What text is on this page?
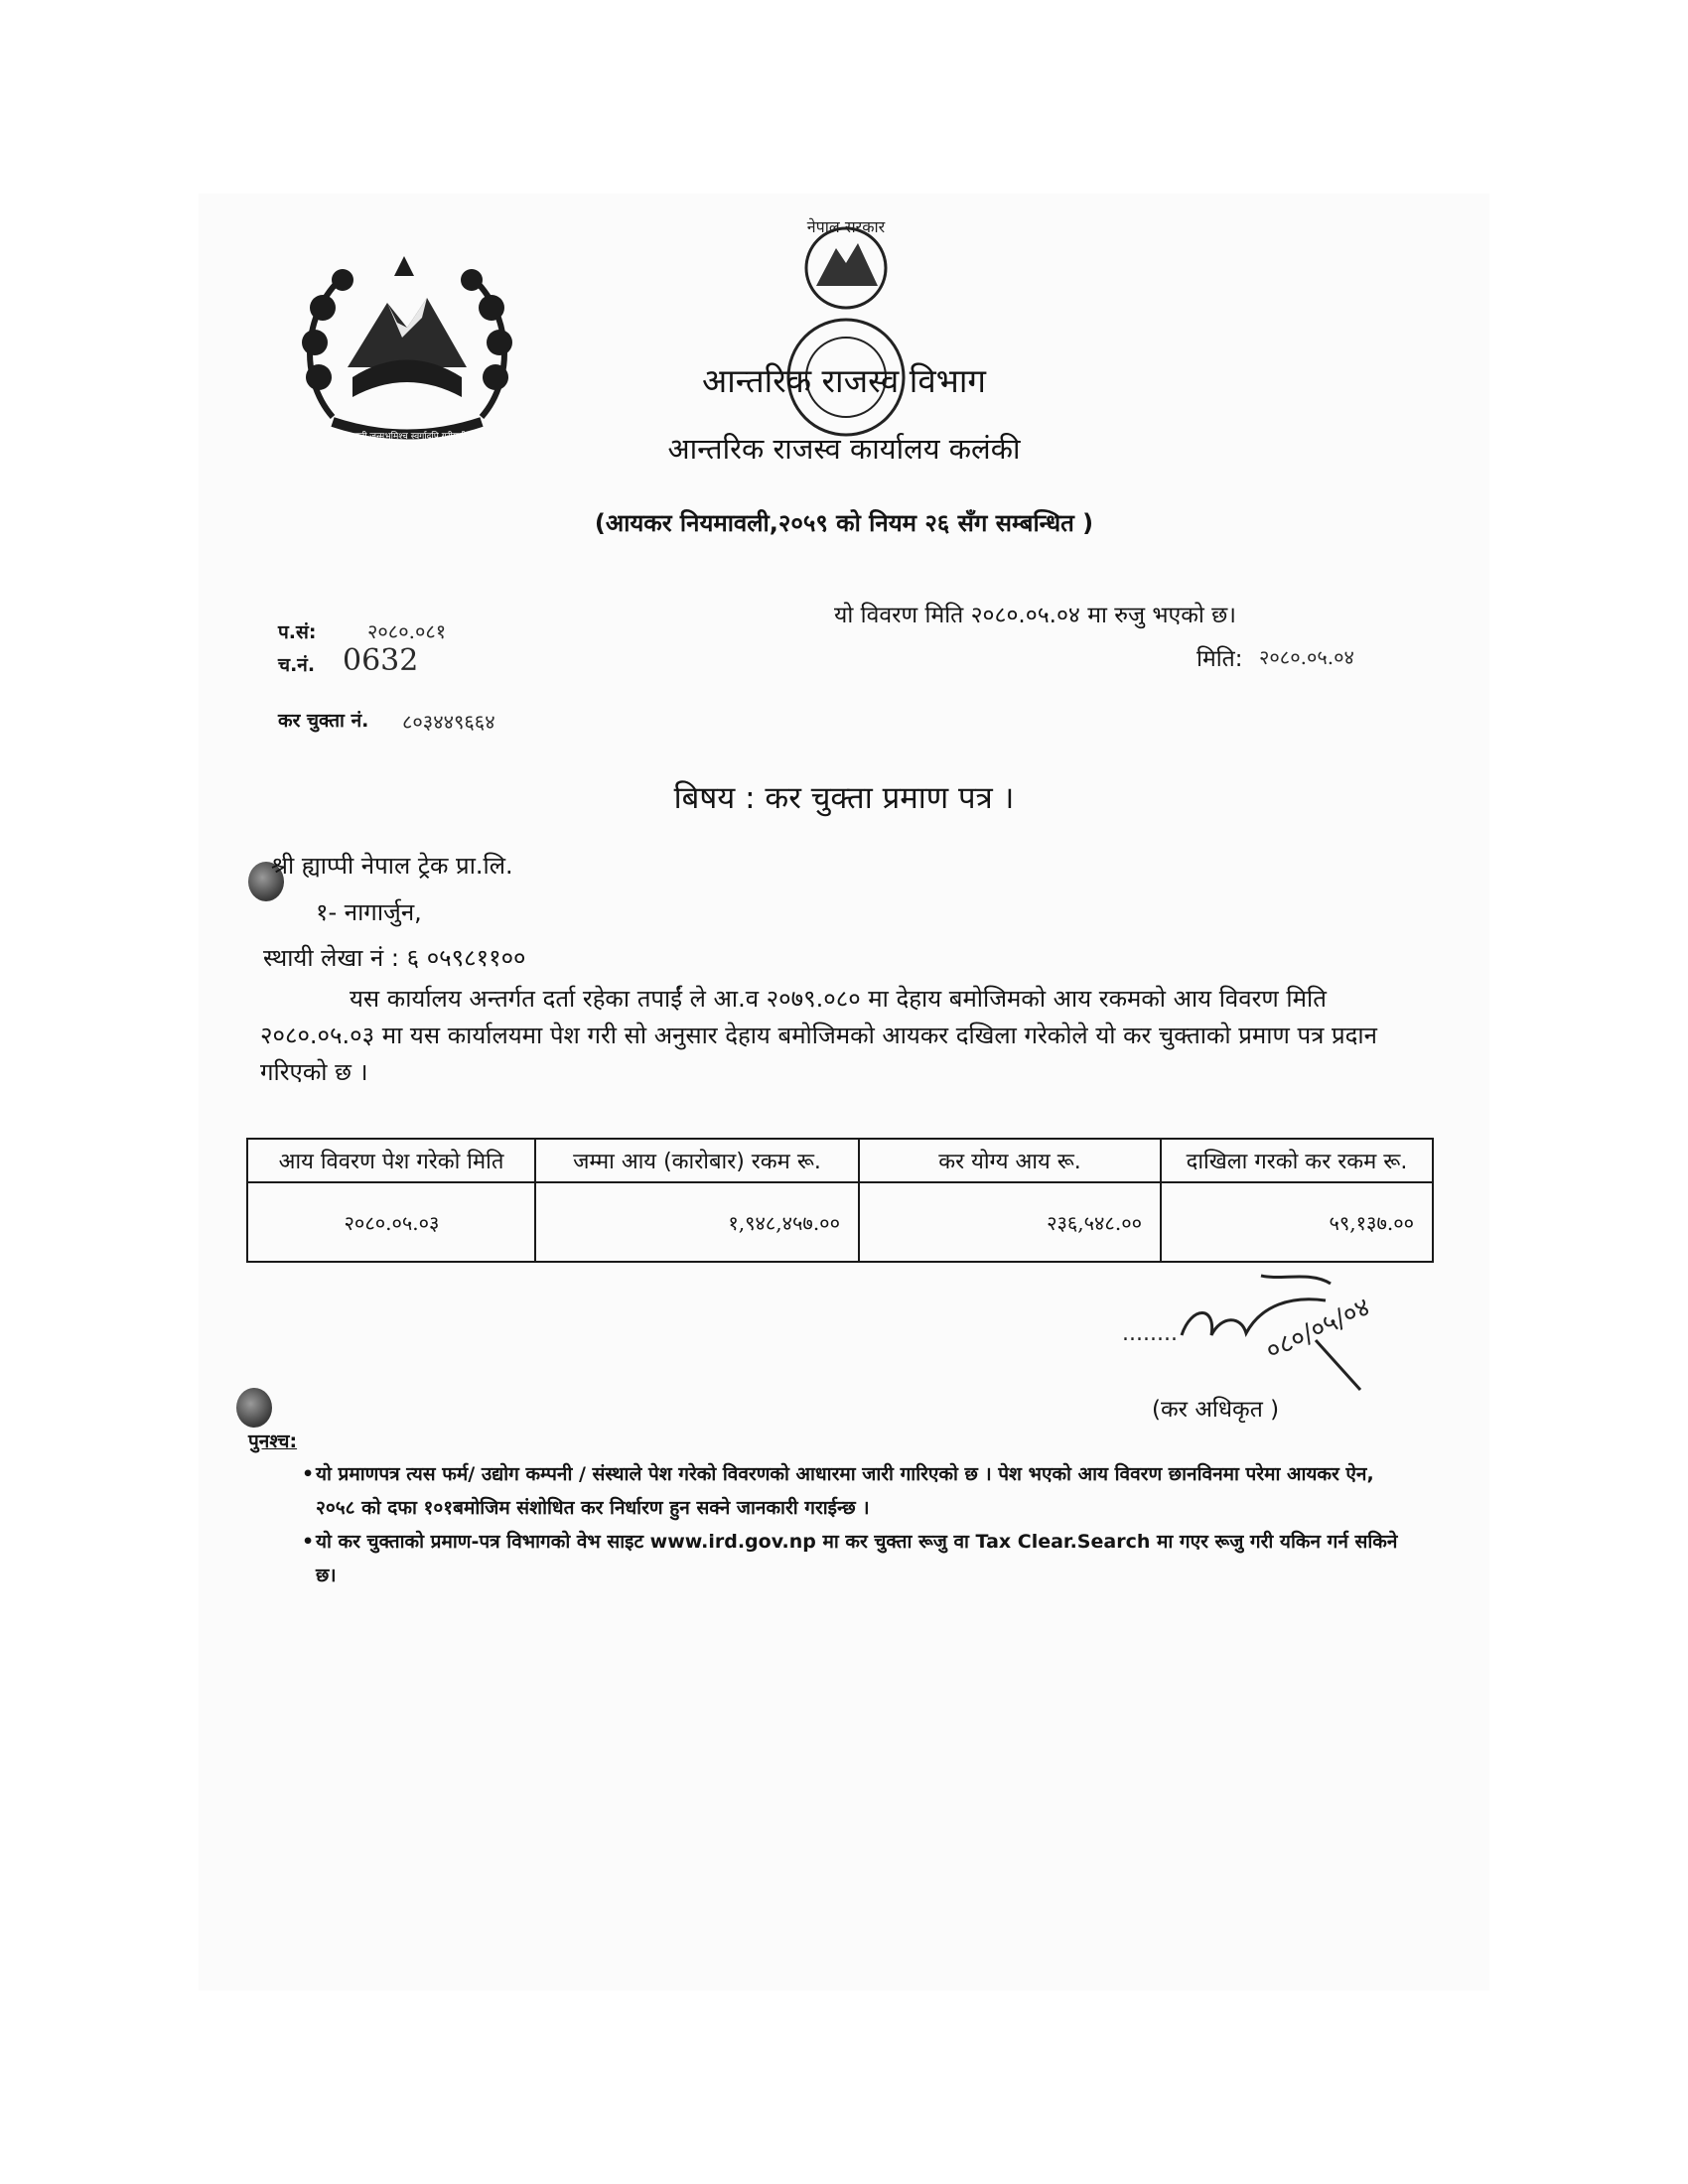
जननी जन्मभूमिश्च स्वर्गादपि गरीयसी
नेपाल सरकार
आन्तरिक राजस्व विभाग
आन्तरिक राजस्व कार्यालय कलंकी
(आयकर नियमावली,२०५९ को नियम २६ सँग सम्बन्धित )
प.सं:	२०८०.०८१
च.नं. 0632
कर चुक्ता नं. ८०३४४९६६४
यो विवरण मिति २०८०.०५.०४ मा रुजु भएको छ।
मिति: २०८०.०५.०४
बिषय : कर चुक्ता प्रमाण पत्र ।
श्री ह्याप्पी नेपाल ट्रेक प्रा.लि.
१- नागार्जुन,
स्थायी लेखा नं : ६ ०५९८११००
यस कार्यालय अन्तर्गत दर्ता रहेका तपाईं ले आ.व २०७९.०८० मा देहाय बमोजिमको आय रकमको आय विवरण मिति २०८०.०५.०३ मा यस कार्यालयमा पेश गरी सो अनुसार देहाय बमोजिमको आयकर दखिला गरेकोले यो कर चुक्ताको प्रमाण पत्र प्रदान गरिएको छ ।
आय विवरण पेश गरेको मिति	जम्मा आय (कारोबार) रकम रू.	कर योग्य आय रू.	दाखिला गरको कर रकम रू.
२०८०.०५.०३	१,९४८,४५७.००	२३६,५४८.००	५९,१३७.००
........	०८०/०५/०४
(कर अधिकृत )
पुनश्च:
• यो प्रमाणपत्र त्यस फर्म/ उद्योग कम्पनी / संस्थाले पेश गरेको विवरणको आधारमा जारी गारिएको छ । पेश भएको आय विवरण छानविनमा परेमा आयकर ऐन, २०५८ को दफा १०१बमोजिम संशोधित कर निर्धारण हुन सक्ने जानकारी गराईन्छ ।
• यो कर चुक्ताको प्रमाण-पत्र विभागको वेभ साइट www.ird.gov.np मा कर चुक्ता रूजु वा Tax Clear.Search मा गएर रूजु गरी यकिन गर्न सकिने छ।
